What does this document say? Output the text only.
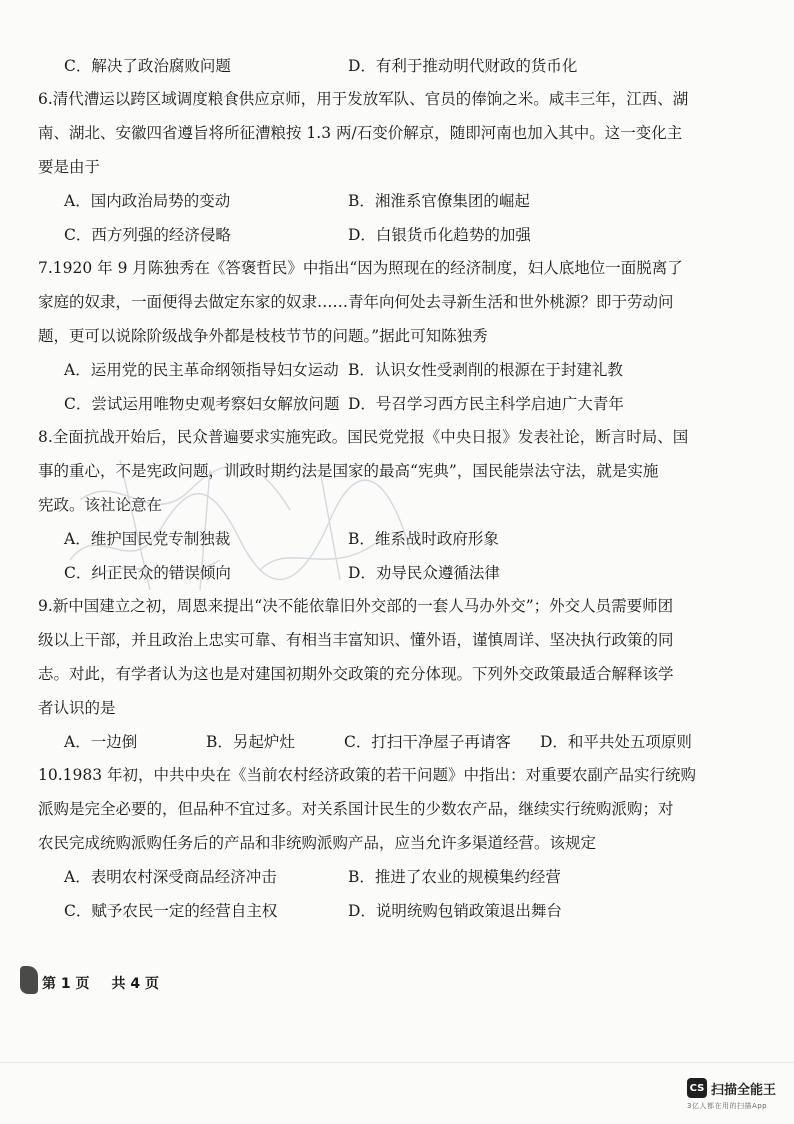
C．解决了政治腐败问题	D．有利于推动明代财政的货币化

6.清代漕运以跨区域调度粮食供应京师，用于发放军队、官员的俸饷之米。咸丰三年，江西、湖

南、湖北、安徽四省遵旨将所征漕粮按 1.3 两/石变价解京，随即河南也加入其中。这一变化主

要是由于

A．国内政治局势的变动	B．湘淮系官僚集团的崛起
C．西方列强的经济侵略	D．白银货币化趋势的加强

7.1920 年 9 月陈独秀在《答褒哲民》中指出“因为照现在的经济制度，妇人底地位一面脱离了

家庭的奴隶，一面便得去做定东家的奴隶……青年向何处去寻新生活和世外桃源？即于劳动问

题，更可以说除阶级战争外都是枝枝节节的问题。”据此可知陈独秀

A．运用党的民主革命纲领指导妇女运动 B．认识女性受剥削的根源在于封建礼教
C．尝试运用唯物史观考察妇女解放问题 D．号召学习西方民主科学启迪广大青年

8.全面抗战开始后，民众普遍要求实施宪政。国民党党报《中央日报》发表社论，断言时局、国

事的重心，不是宪政问题，训政时期约法是国家的最高“宪典”，国民能崇法守法，就是实施

宪政。该社论意在

A．维护国民党专制独裁	B．维系战时政府形象
C．纠正民众的错误倾向	D．劝导民众遵循法律

9.新中国建立之初，周恩来提出“决不能依靠旧外交部的一套人马办外交”；外交人员需要师团

级以上干部，并且政治上忠实可靠、有相当丰富知识、懂外语，谨慎周详、坚决执行政策的同

志。对此，有学者认为这也是对建国初期外交政策的充分体现。下列外交政策最适合解释该学

者认识的是

A．一边倒	B．另起炉灶	C．打扫干净屋子再请客	D．和平共处五项原则

10.1983 年初，中共中央在《当前农村经济政策的若干问题》中指出：对重要农副产品实行统购

派购是完全必要的，但品种不宜过多。对关系国计民生的少数农产品，继续实行统购派购；对

农民完成统购派购任务后的产品和非统购派购产品，应当允许多渠道经营。该规定

A．表明农村深受商品经济冲击	B．推进了农业的规模集约经营
C．赋予农民一定的经营自主权	D．说明统购包销政策退出舞台
第 1 页 共 4 页
CS 扫描全能王
3亿人都在用的扫描App
